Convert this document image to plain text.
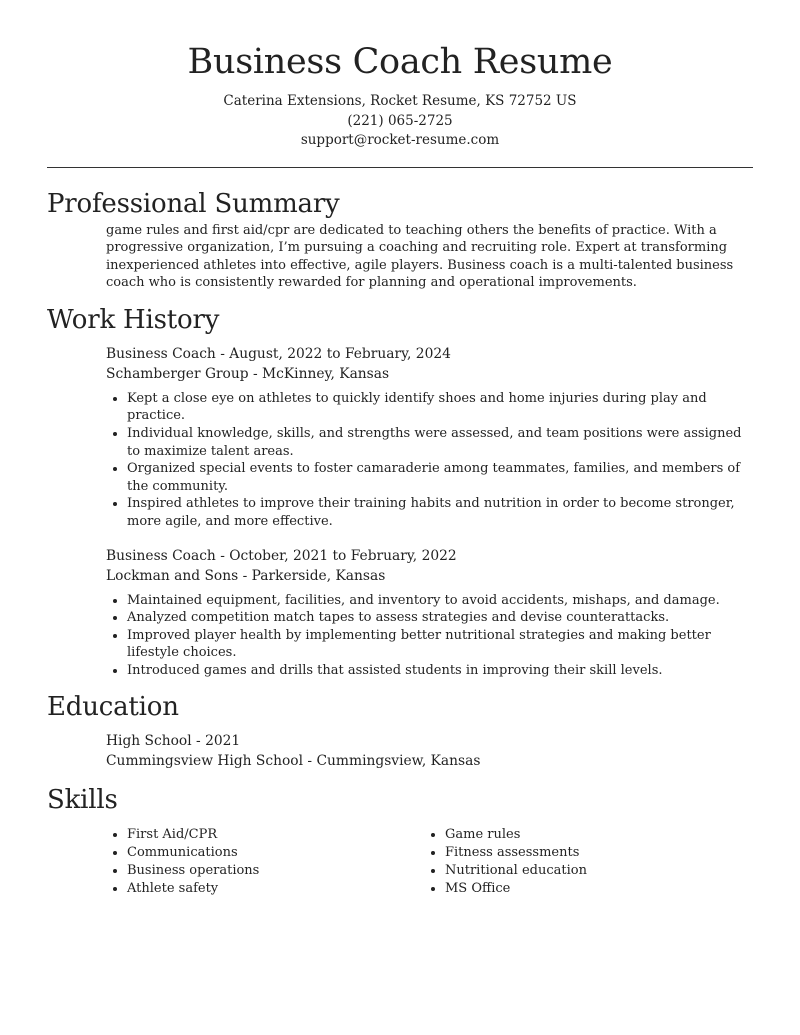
Business Coach Resume
Caterina Extensions, Rocket Resume, KS 72752 US
(221) 065-2725
support@rocket-resume.com
Professional Summary

game rules and first aid/cpr are dedicated to teaching others the benefits of practice. With a progressive organization, I’m pursuing a coaching and recruiting role. Expert at transforming inexperienced athletes into effective, agile players. Business coach is a multi-talented business coach who is consistently rewarded for planning and operational improvements.

Work History

Business Coach - August, 2022 to February, 2024

Schamberger Group - McKinney, Kansas

• Kept a close eye on athletes to quickly identify shoes and home injuries during play and practice.
• Individual knowledge, skills, and strengths were assessed, and team positions were assigned to maximize talent areas.
• Organized special events to foster camaraderie among teammates, families, and members of the community.
• Inspired athletes to improve their training habits and nutrition in order to become stronger, more agile, and more effective.

Business Coach - October, 2021 to February, 2022

Lockman and Sons - Parkerside, Kansas

• Maintained equipment, facilities, and inventory to avoid accidents, mishaps, and damage.
• Analyzed competition match tapes to assess strategies and devise counterattacks.
• Improved player health by implementing better nutritional strategies and making better lifestyle choices.
• Introduced games and drills that assisted students in improving their skill levels.
Education

High School - 2021

Cummingsview High School - Cummingsview, Kansas

Skills
• First Aid/CPR
• Communications
• Business operations
• Athlete safety
• Game rules
• Fitness assessments
• Nutritional education
• MS Office
